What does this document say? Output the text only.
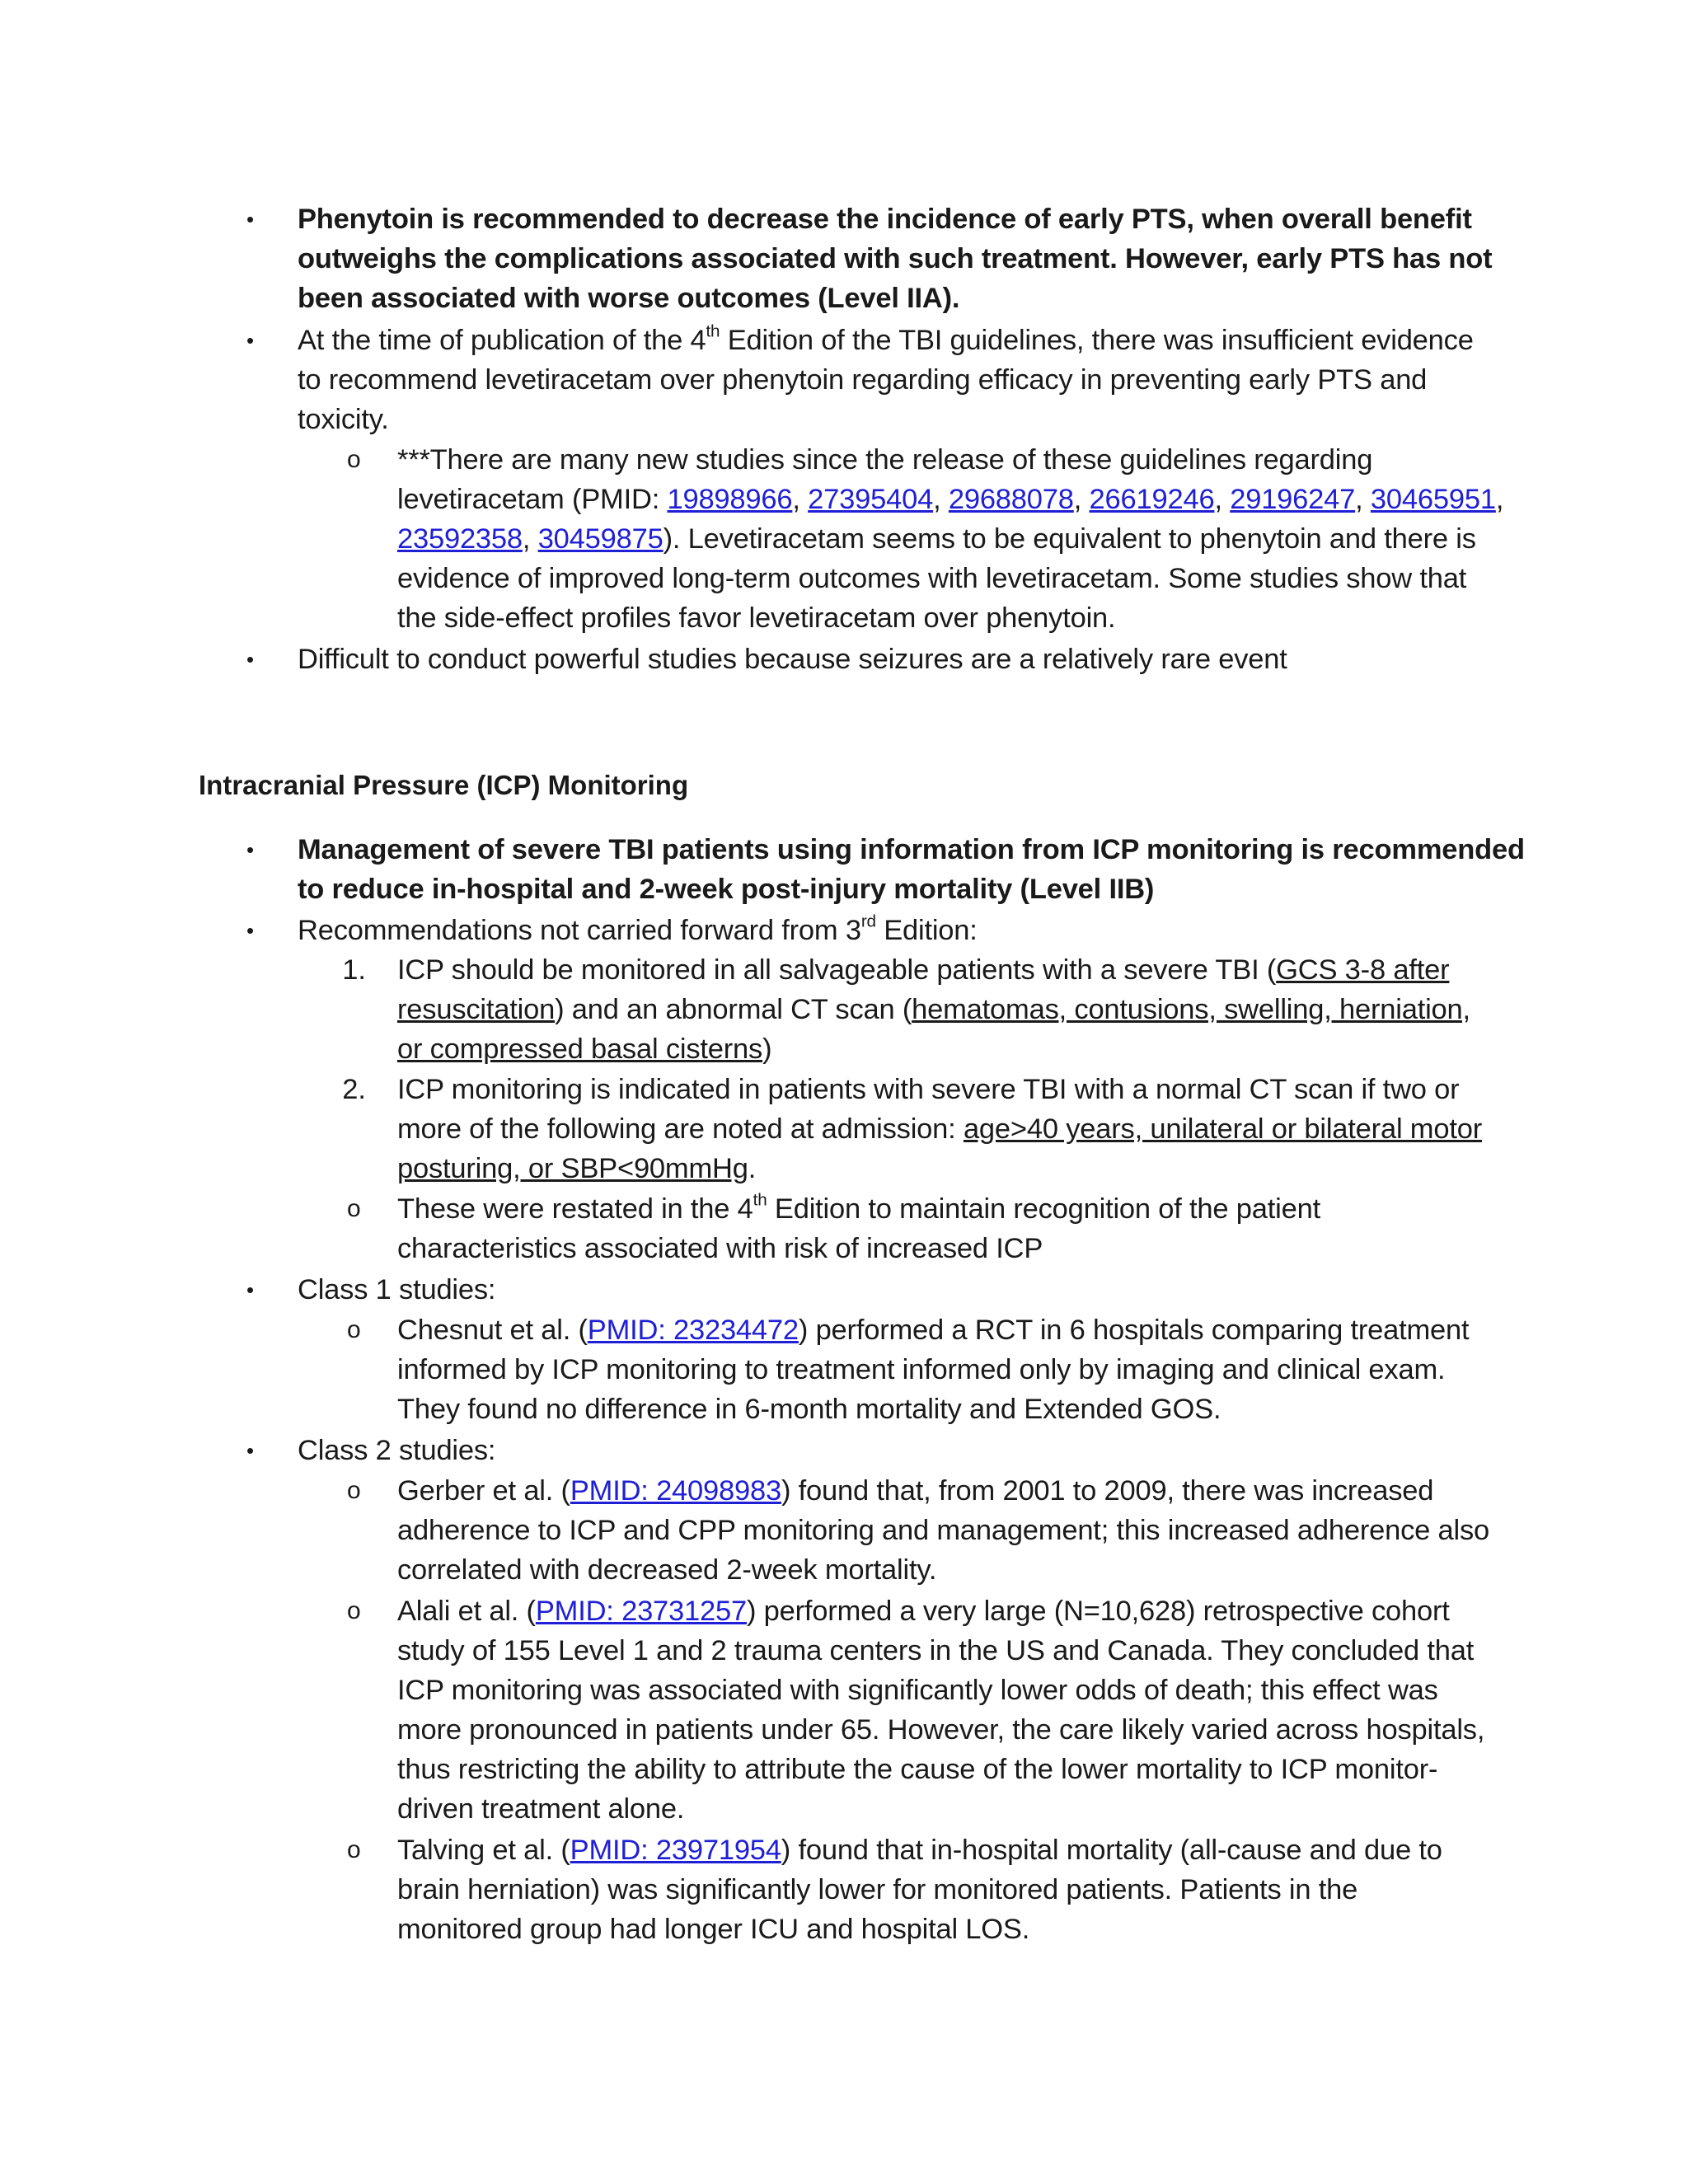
• Phenytoin is recommended to decrease the incidence of early PTS, when overall benefit
outweighs the complications associated with such treatment. However, early PTS has not
been associated with worse outcomes (Level IIA).
• At the time of publication of the 4th Edition of the TBI guidelines, there was insufficient evidence
to recommend levetiracetam over phenytoin regarding efficacy in preventing early PTS and
toxicity.
o ***There are many new studies since the release of these guidelines regarding
levetiracetam (PMID: 19898966, 27395404, 29688078, 26619246, 29196247, 30465951,
23592358, 30459875). Levetiracetam seems to be equivalent to phenytoin and there is
evidence of improved long-term outcomes with levetiracetam. Some studies show that
the side-effect profiles favor levetiracetam over phenytoin.
• Difficult to conduct powerful studies because seizures are a relatively rare event
Intracranial Pressure (ICP) Monitoring
• Management of severe TBI patients using information from ICP monitoring is recommended
to reduce in-hospital and 2-week post-injury mortality (Level IIB)
• Recommendations not carried forward from 3rd Edition:
1. ICP should be monitored in all salvageable patients with a severe TBI (GCS 3-8 after
resuscitation) and an abnormal CT scan (hematomas, contusions, swelling, herniation,
or compressed basal cisterns)
2. ICP monitoring is indicated in patients with severe TBI with a normal CT scan if two or
more of the following are noted at admission: age>40 years, unilateral or bilateral motor
posturing, or SBP<90mmHg.
o These were restated in the 4th Edition to maintain recognition of the patient
characteristics associated with risk of increased ICP
• Class 1 studies:
o Chesnut et al. (PMID: 23234472) performed a RCT in 6 hospitals comparing treatment
informed by ICP monitoring to treatment informed only by imaging and clinical exam.
They found no difference in 6-month mortality and Extended GOS.
• Class 2 studies:
o Gerber et al. (PMID: 24098983) found that, from 2001 to 2009, there was increased
adherence to ICP and CPP monitoring and management; this increased adherence also
correlated with decreased 2-week mortality.
o Alali et al. (PMID: 23731257) performed a very large (N=10,628) retrospective cohort
study of 155 Level 1 and 2 trauma centers in the US and Canada. They concluded that
ICP monitoring was associated with significantly lower odds of death; this effect was
more pronounced in patients under 65. However, the care likely varied across hospitals,
thus restricting the ability to attribute the cause of the lower mortality to ICP monitor-
driven treatment alone.
o Talving et al. (PMID: 23971954) found that in-hospital mortality (all-cause and due to
brain herniation) was significantly lower for monitored patients. Patients in the
monitored group had longer ICU and hospital LOS.
